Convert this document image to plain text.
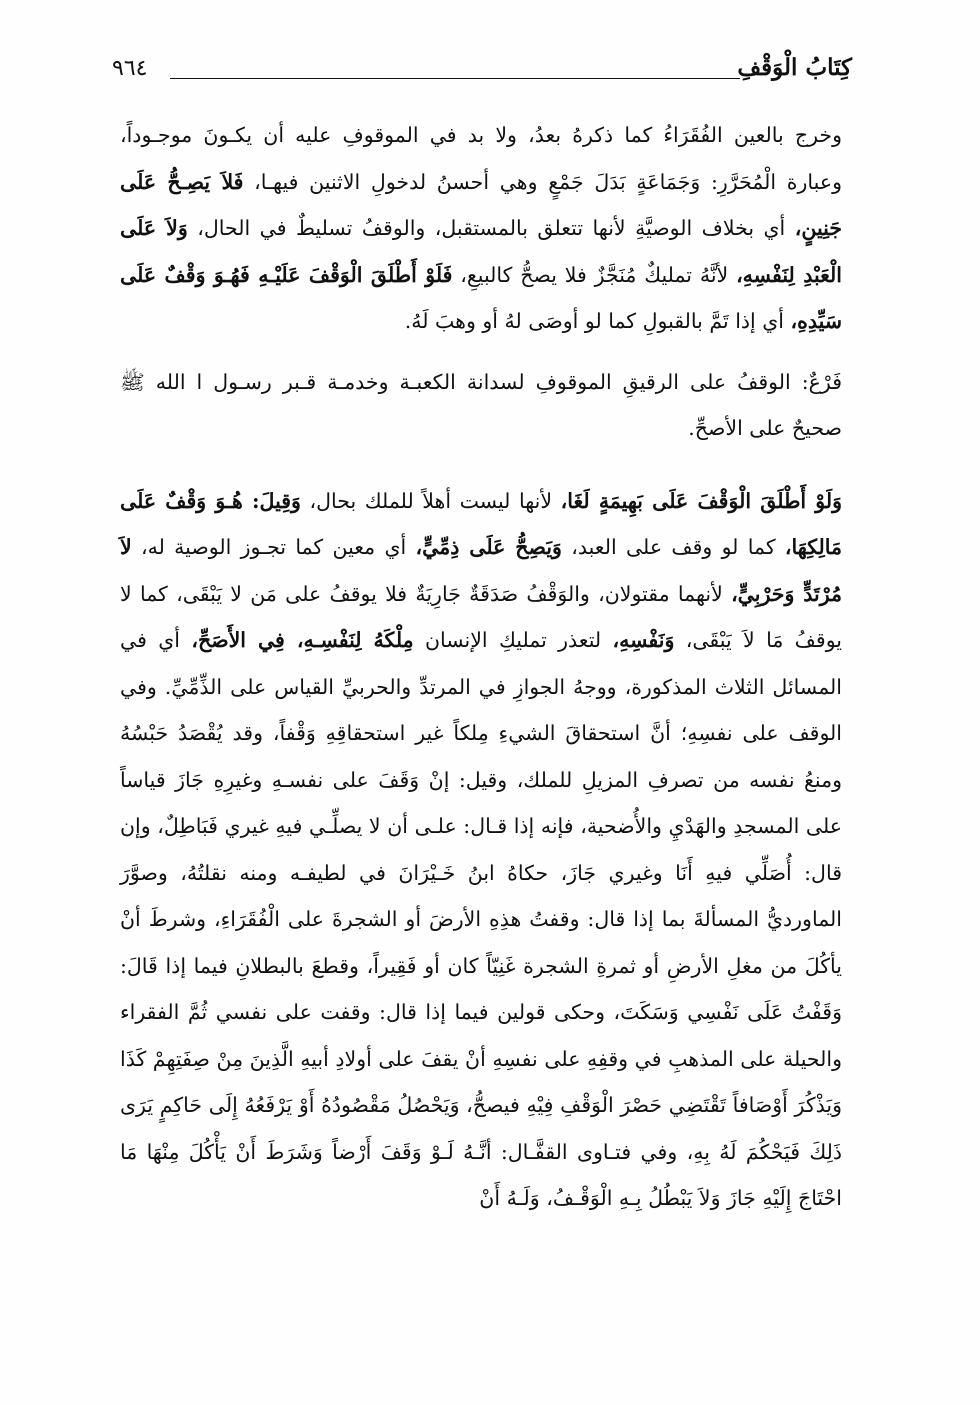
كِتَابُ الْوَقْفِ
٩٦٤

وخرج بالعين الفُقَرَاءُ كما ذكرهُ بعدُ، ولا بد في الموقوفِ عليه أن يكـونَ موجـوداً، وعبارة الْمُحَرَّرِ: وَجَمَاعَةٍ بَدَلَ جَمْعٍ وهي أحسنُ لدخولِ الاثنين فيهـا، فَلاَ يَصِـحُّ عَلَى جَنِينٍ، أي بخلاف الوصيَّةِ لأنها تتعلق بالمستقبل، والوقفُ تسليطٌ في الحال، وَلاَ عَلَى الْعَبْدِ لِنَفْسِهِ، لأنَّهُ تمليكٌ مُنَجَّزٌ فلا يصحُّ كالبيعِ، فَلَوْ أَطْلَقَ الْوَقْفَ عَلَيْـهِ فَهُـوَ وَقْفٌ عَلَى سَيِّدِهِ، أي إذا تَمَّ بالقبولِ كما لو أوصَى لهُ أو وهبَ لَهُ.

فَرْعٌ: الوقفُ على الرقيقِ الموقوفِ لسدانة الكعبـة وخدمـة قـبر رسـول ا الله ﷺ صحيحٌ على الأصحِّ.

وَلَوْ أَطْلَقَ الْوَقْفَ عَلَى بَهِيمَةٍ لَغَا، لأنها ليست أهلاً للملك بحال، وَقِيلَ: هُـوَ وَقْفٌ عَلَى مَالِكِهَا، كما لو وقف على العبد، وَيَصِحُّ عَلَى ذِمِّيٍّ، أي معين كما تجـوز الوصية له، لاَ مُرْتَدٍّ وَحَرْبِيٍّ، لأنهما مقتولان، والوَقْفُ صَدَقَةٌ جَارِيَةٌ فلا يوقفُ على مَن لا يَبْقَى، كما لا يوقفُ مَا لاَ يَبْقَى، وَنَفْسِهِ، لتعذر تمليكِ الإنسان مِلْكَهُ لِنَفْسِـهِ، فِي الأَصَحِّ، أي في المسائل الثلاث المذكورة، ووجهُ الجوازِ في المرتدِّ والحربيِّ القياس على الذِّمِّيِّ. وفي الوقف على نفسِهِ؛ أنَّ استحقاقَ الشيءِ مِلكاً غير استحقاقِهِ وَقْفاً، وقد يُقْصَدُ حَبْسُهُ ومنعُ نفسه من تصرفِ المزيلِ للملك، وقيل: إنْ وَقَفَ على نفسـهِ وغيرِهِ جَازَ قياساً على المسجدِ والهَدْيِ والأُضحية، فإنه إذا قـال: علـى أن لا يصلِّـي فيهِ غيري فَبَاطِلٌ، وإن قال: أُصَلِّي فيهِ أَنَا وغيري جَازَ، حكاهُ ابنُ خَـيْرَانَ في لطيفـه ومنه نقلتُهُ، وصوَّرَ الماورديُّ المسألةَ بما إذا قال: وقفتُ هذِهِ الأرضَ أو الشجرةَ على الْفُقَرَاءِ، وشرطَ أنْ يأكُلَ من مغلِ الأرضِ أو ثمرةِ الشجرة غَنِيّاً كان أو فَقِيراً، وقطعَ بالبطلانِ فيما إذا قَالَ: وَقَفْتُ عَلَى نَفْسِي وَسَكَتَ، وحكى قولين فيما إذا قال: وقفت على نفسي ثُمَّ الفقراء والحيلة على المذهبِ في وقفِهِ على نفسِهِ أنْ يقفَ على أولادِ أبيهِ الَّذِينَ مِنْ صِفَتِهِمْ كَذَا وَيَذْكُرَ أَوْصَافاً تَقْتَضِي حَصْرَ الْوَقْفِ فِيْهِ فيصحُّ، وَيَحْصُلُ مَقْصُودُهُ أَوْ يَرْفَعُهُ إِلَى حَاكِمٍ يَرَى ذَلِكَ فَيَحْكُمَ لَهُ بِهِ، وفي فتـاوى القفَّـال: أنَّـهُ لَـوْ وَقَفَ أَرْضاً وَشَرَطَ أَنْ يَأْكُلَ مِنْهَا مَا احْتَاجَ إِلَيْهِ جَازَ وَلاَ يَبْطُلُ بِـهِ الْوَقْـفُ، وَلَـهُ أَنْ
